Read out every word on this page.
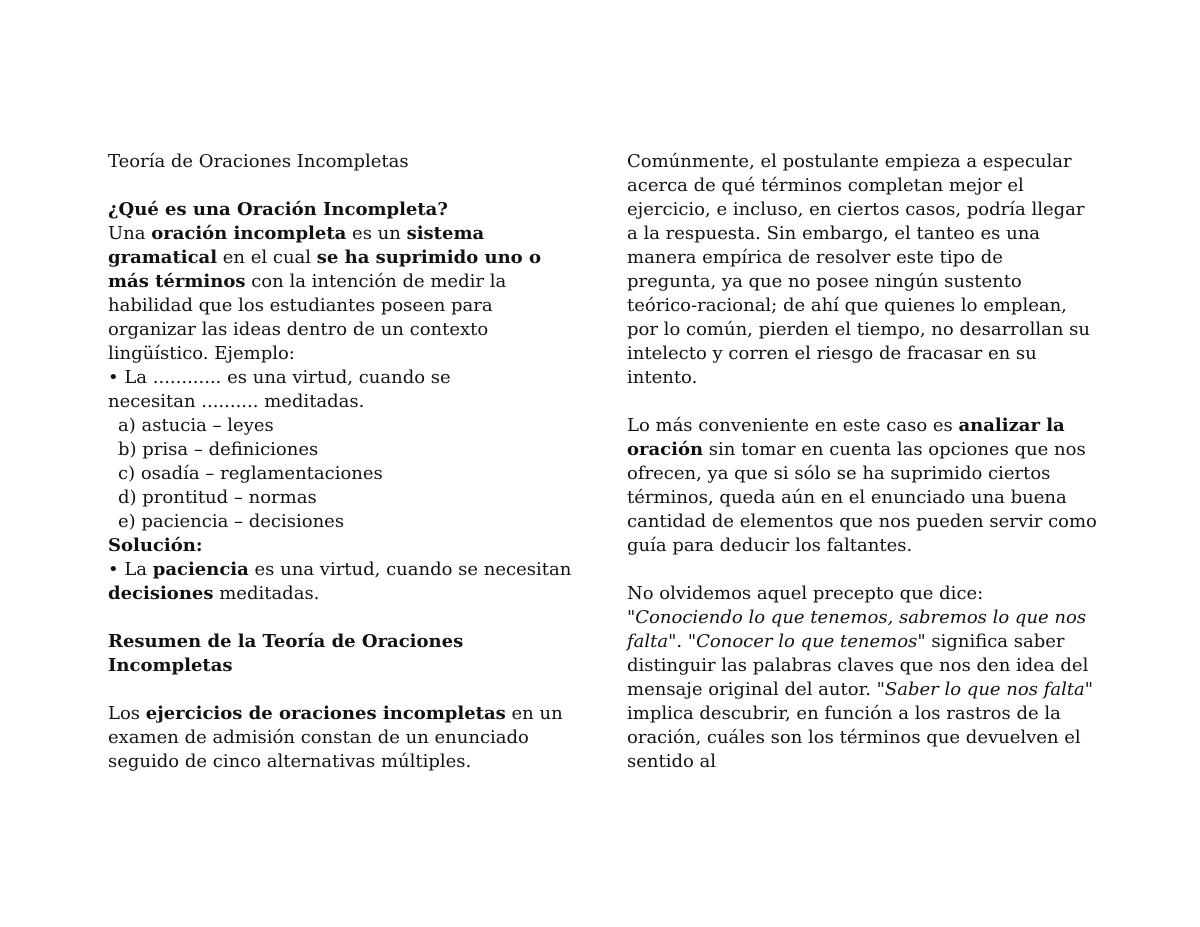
Teoría de Oraciones Incompletas

¿Qué es una Oración Incompleta?

Una oración incompleta es un sistema gramatical en el cual se ha suprimido uno o más términos con la intención de medir la habilidad que los estudiantes poseen para organizar las ideas dentro de un contexto lingüístico. Ejemplo:

• La ............ es una virtud, cuando se

necesitan .......... meditadas.

a) astucia – leyes

b) prisa – definiciones

c) osadía – reglamentaciones

d) prontitud – normas

e) paciencia – decisiones

Solución:

• La paciencia es una virtud, cuando se necesitan decisiones meditadas.

Resumen de la Teoría de Oraciones Incompletas

Los ejercicios de oraciones incompletas en un examen de admisión constan de un enunciado seguido de cinco alternativas múltiples.

Comúnmente, el postulante empieza a especular acerca de qué términos completan mejor el ejercicio, e incluso, en ciertos casos, podría llegar a la respuesta. Sin embargo, el tanteo es una manera empírica de resolver este tipo de pregunta, ya que no posee ningún sustento teórico-racional; de ahí que quienes lo emplean, por lo común, pierden el tiempo, no desarrollan su intelecto y corren el riesgo de fracasar en su intento.

Lo más conveniente en este caso es analizar la oración sin tomar en cuenta las opciones que nos ofrecen, ya que si sólo se ha suprimido ciertos términos, queda aún en el enunciado una buena cantidad de elementos que nos pueden servir como guía para deducir los faltantes.

No olvidemos aquel precepto que dice: "Conociendo lo que tenemos, sabremos lo que nos falta". "Conocer lo que tenemos" significa saber distinguir las palabras claves que nos den idea del mensaje original del autor. "Saber lo que nos falta" implica descubrir, en función a los rastros de la oración, cuáles son los términos que devuelven el sentido al
